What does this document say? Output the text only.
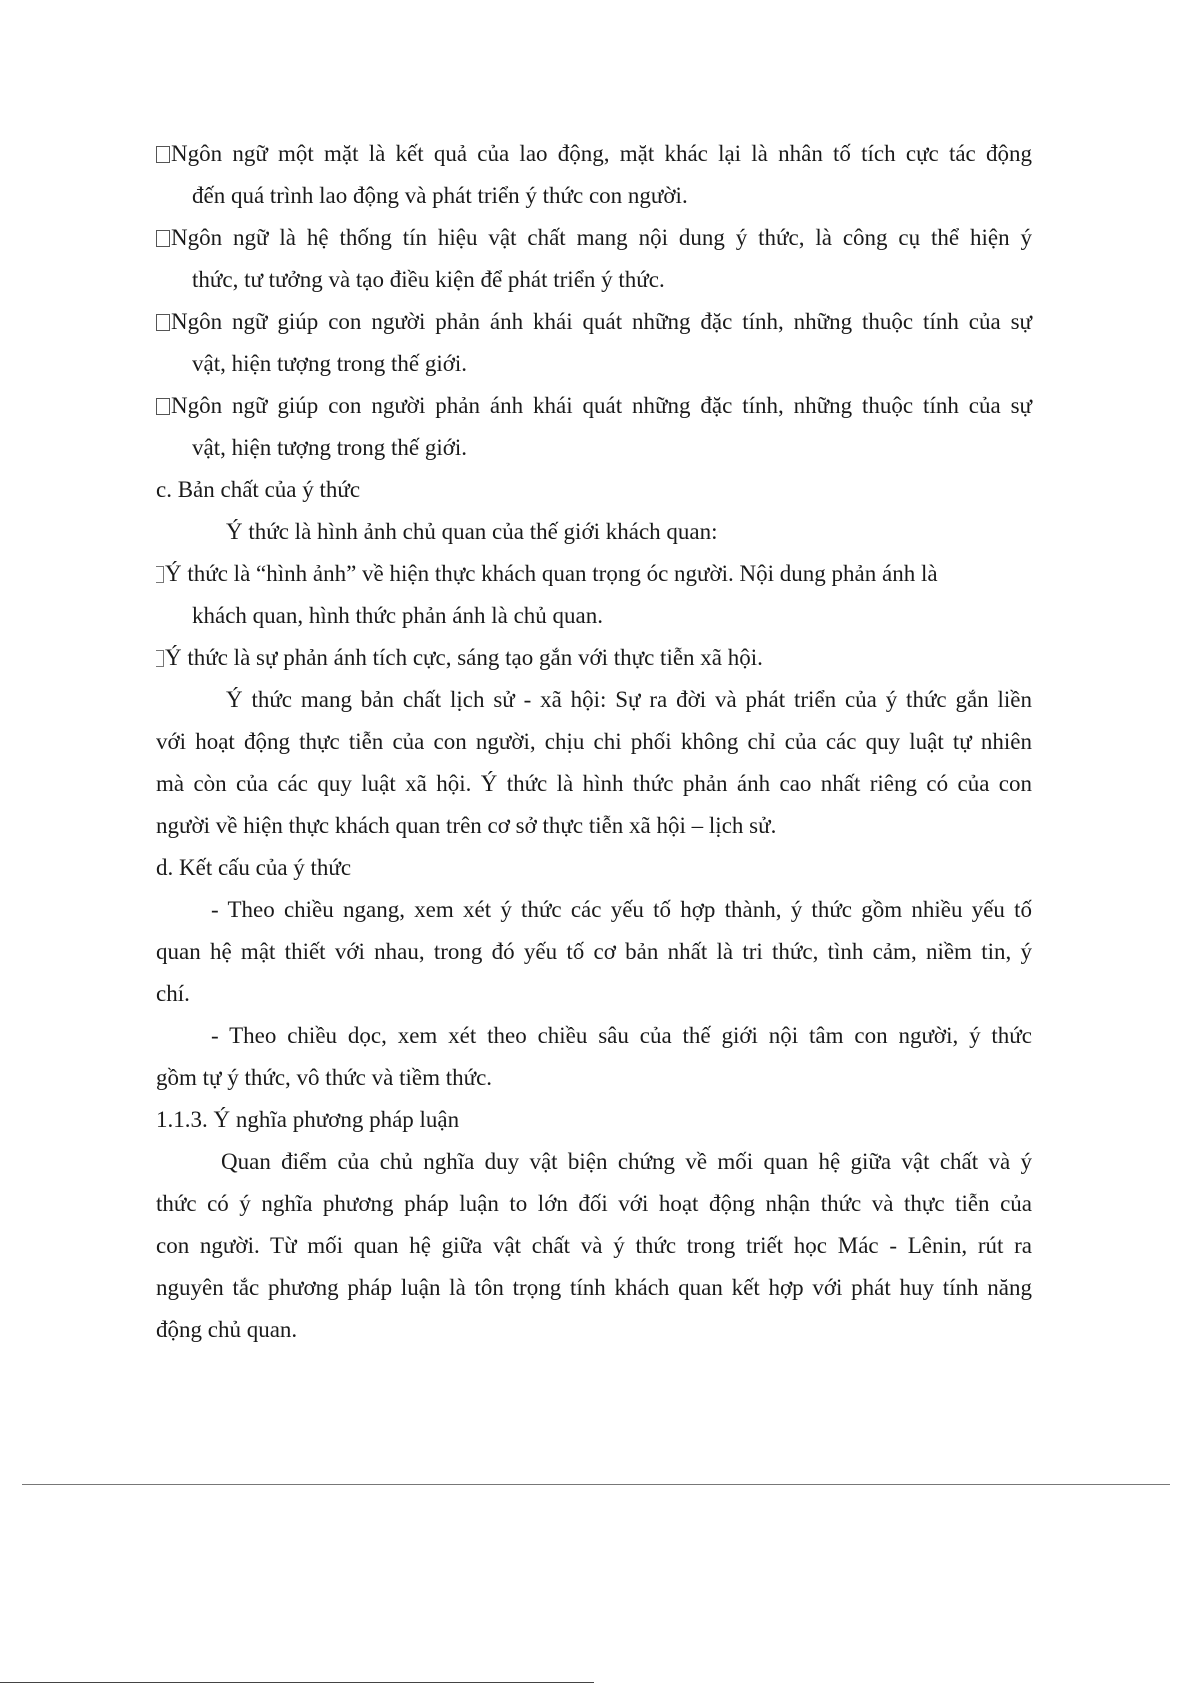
Ngôn ngữ một mặt là kết quả của lao động, mặt khác lại là nhân tố tích cực tác động
đến quá trình lao động và phát triển ý thức con người.
Ngôn ngữ là hệ thống tín hiệu vật chất mang nội dung ý thức, là công cụ thể hiện ý
thức, tư tưởng và tạo điều kiện để phát triển ý thức.
Ngôn ngữ giúp con người phản ánh khái quát những đặc tính, những thuộc tính của sự
vật, hiện tượng trong thế giới.
Ngôn ngữ giúp con người phản ánh khái quát những đặc tính, những thuộc tính của sự
vật, hiện tượng trong thế giới.
c. Bản chất của ý thức
Ý thức là hình ảnh chủ quan của thế giới khách quan:
Ý thức là “hình ảnh” về hiện thực khách quan trọng óc người. Nội dung phản ánh là
khách quan, hình thức phản ánh là chủ quan.
Ý thức là sự phản ánh tích cực, sáng tạo gắn với thực tiễn xã hội.
Ý thức mang bản chất lịch sử - xã hội: Sự ra đời và phát triển của ý thức gắn liền
với hoạt động thực tiễn của con người, chịu chi phối không chỉ của các quy luật tự nhiên
mà còn của các quy luật xã hội. Ý thức là hình thức phản ánh cao nhất riêng có của con
người về hiện thực khách quan trên cơ sở thực tiễn xã hội – lịch sử.
d. Kết cấu của ý thức
- Theo chiều ngang, xem xét ý thức các yếu tố hợp thành, ý thức gồm nhiều yếu tố
quan hệ mật thiết với nhau, trong đó yếu tố cơ bản nhất là tri thức, tình cảm, niềm tin, ý
chí.
- Theo chiều dọc, xem xét theo chiều sâu của thế giới nội tâm con người, ý thức
gồm tự ý thức, vô thức và tiềm thức.
1.1.3. Ý nghĩa phương pháp luận
Quan điểm của chủ nghĩa duy vật biện chứng về mối quan hệ giữa vật chất và ý
thức có ý nghĩa phương pháp luận to lớn đối với hoạt động nhận thức và thực tiễn của
con người. Từ mối quan hệ giữa vật chất và ý thức trong triết học Mác - Lênin, rút ra
nguyên tắc phương pháp luận là tôn trọng tính khách quan kết hợp với phát huy tính năng
động chủ quan.
